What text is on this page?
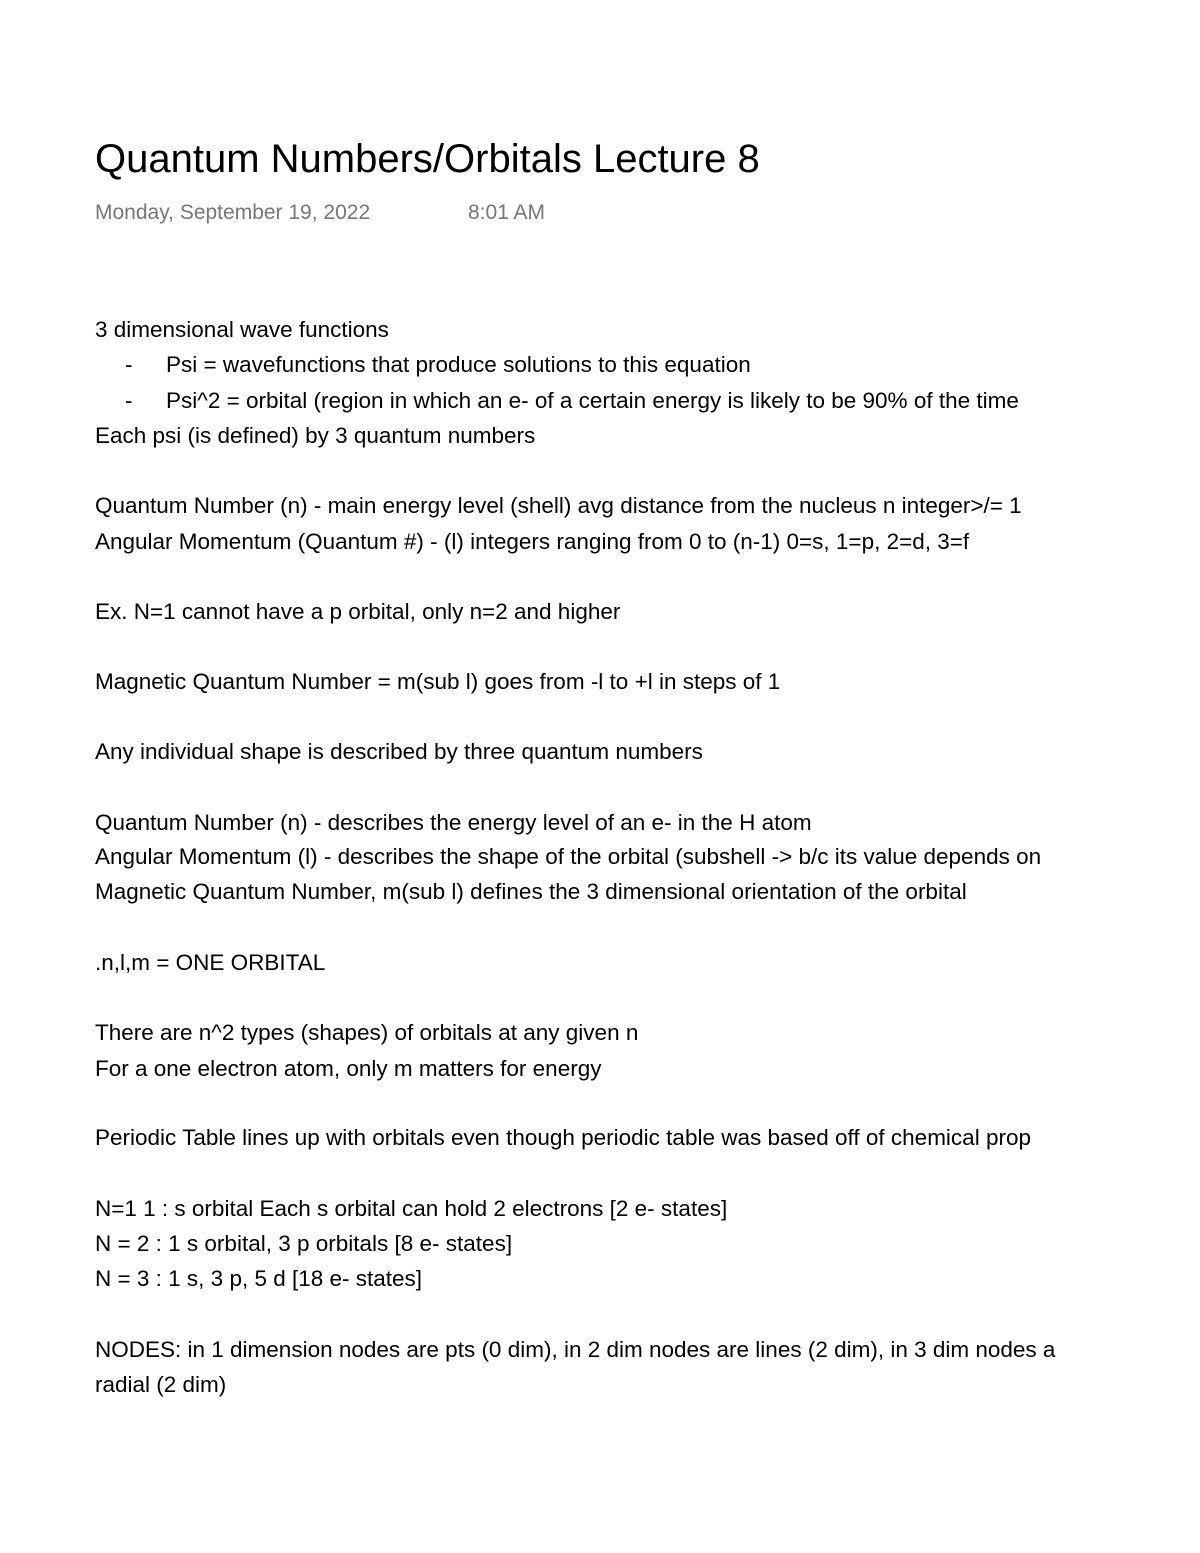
Quantum Numbers/Orbitals Lecture 8
Monday, September 19, 2022	8:01 AM
3 dimensional wave functions
- Psi = wavefunctions that produce solutions to this equation
- Psi^2 = orbital (region in which an e- of a certain energy is likely to be 90% of the time
Each psi (is defined) by 3 quantum numbers
Quantum Number (n) - main energy level (shell) avg distance from the nucleus n integer>/= 1
Angular Momentum (Quantum #) - (l) integers ranging from 0 to (n-1) 0=s, 1=p, 2=d, 3=f
Ex. N=1 cannot have a p orbital, only n=2 and higher
Magnetic Quantum Number = m(sub l) goes from -l to +l in steps of 1
Any individual shape is described by three quantum numbers
Quantum Number (n) - describes the energy level of an e- in the H atom
Angular Momentum (l) - describes the shape of the orbital (subshell -> b/c its value depends on
Magnetic Quantum Number, m(sub l) defines the 3 dimensional orientation of the orbital
.n,l,m = ONE ORBITAL
There are n^2 types (shapes) of orbitals at any given n
For a one electron atom, only m matters for energy
Periodic Table lines up with orbitals even though periodic table was based off of chemical prop
N=1 1 : s orbital Each s orbital can hold 2 electrons [2 e- states]
N = 2 : 1 s orbital, 3 p orbitals [8 e- states]
N = 3 : 1 s, 3 p, 5 d [18 e- states]
NODES: in 1 dimension nodes are pts (0 dim), in 2 dim nodes are lines (2 dim), in 3 dim nodes a
radial (2 dim)
